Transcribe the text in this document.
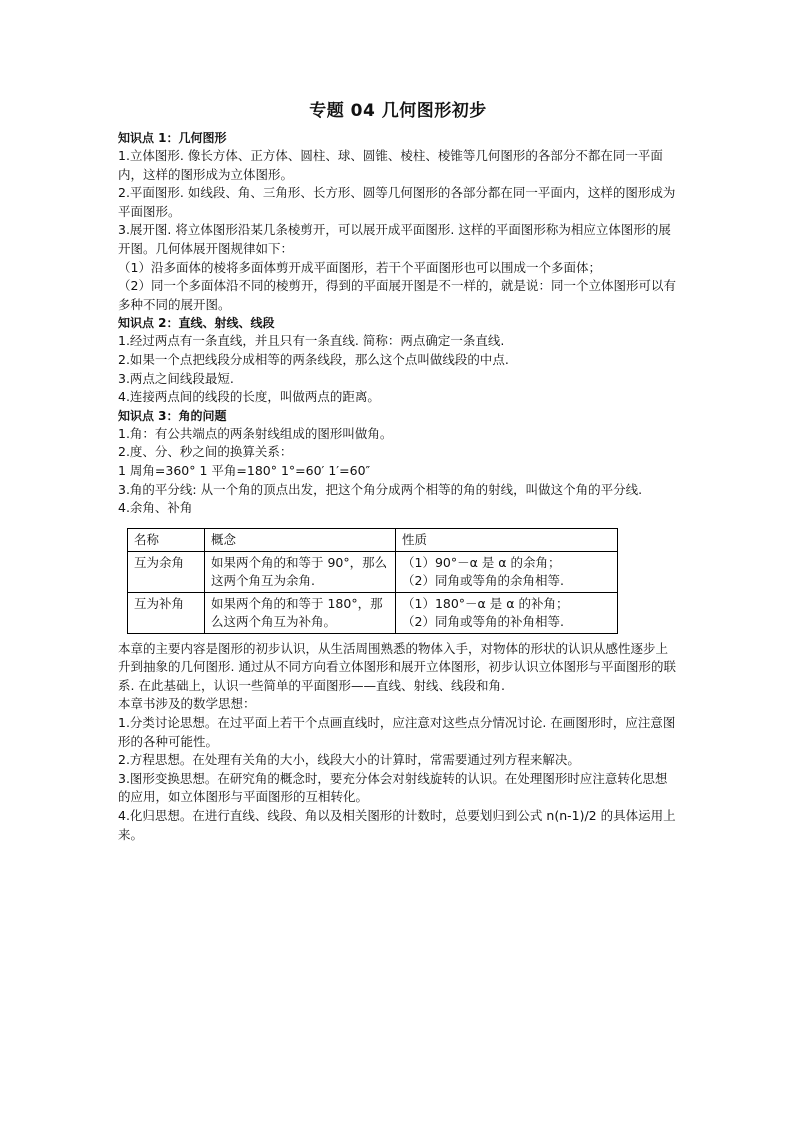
专题 04 几何图形初步
知识点 1：几何图形

1.立体图形. 像长方体、正方体、圆柱、球、圆锥、棱柱、棱锥等几何图形的各部分不都在同一平面内，这样的图形成为立体图形。

2.平面图形. 如线段、角、三角形、长方形、圆等几何图形的各部分都在同一平面内，这样的图形成为平面图形。

3.展开图. 将立体图形沿某几条棱剪开，可以展开成平面图形. 这样的平面图形称为相应立体图形的展开图。几何体展开图规律如下：

（1）沿多面体的棱将多面体剪开成平面图形，若干个平面图形也可以围成一个多面体；

（2）同一个多面体沿不同的棱剪开，得到的平面展开图是不一样的，就是说：同一个立体图形可以有多种不同的展开图。

知识点 2：直线、射线、线段

1.经过两点有一条直线，并且只有一条直线. 简称：两点确定一条直线.

2.如果一个点把线段分成相等的两条线段，那么这个点叫做线段的中点.

3.两点之间线段最短.

4.连接两点间的线段的长度，叫做两点的距离。

知识点 3：角的问题

1.角：有公共端点的两条射线组成的图形叫做角。

2.度、分、秒之间的换算关系：

1 周角=360° 1 平角=180° 1°=60′ 1′=60″

3.角的平分线: 从一个角的顶点出发，把这个角分成两个相等的角的射线，叫做这个角的平分线.

4.余角、补角

名称	概念	性质
互为余角	如果两个角的和等于 90°，那么这两个角互为余角.	（1）90°－α 是 α 的余角；
（2）同角或等角的余角相等.

互为补角	如果两个角的和等于 180°，那么这两个角互为补角。	（1）180°－α 是 α 的补角；
（2）同角或等角的补角相等.

本章的主要内容是图形的初步认识，从生活周围熟悉的物体入手，对物体的形状的认识从感性逐步上升到抽象的几何图形. 通过从不同方向看立体图形和展开立体图形，初步认识立体图形与平面图形的联系. 在此基础上，认识一些简单的平面图形——直线、射线、线段和角.

本章书涉及的数学思想：

1.分类讨论思想。在过平面上若干个点画直线时，应注意对这些点分情况讨论. 在画图形时，应注意图形的各种可能性。

2.方程思想。在处理有关角的大小，线段大小的计算时，常需要通过列方程来解决。

3.图形变换思想。在研究角的概念时，要充分体会对射线旋转的认识。在处理图形时应注意转化思想的应用，如立体图形与平面图形的互相转化。

4.化归思想。在进行直线、线段、角以及相关图形的计数时，总要划归到公式 n(n-1)/2 的具体运用上来。
